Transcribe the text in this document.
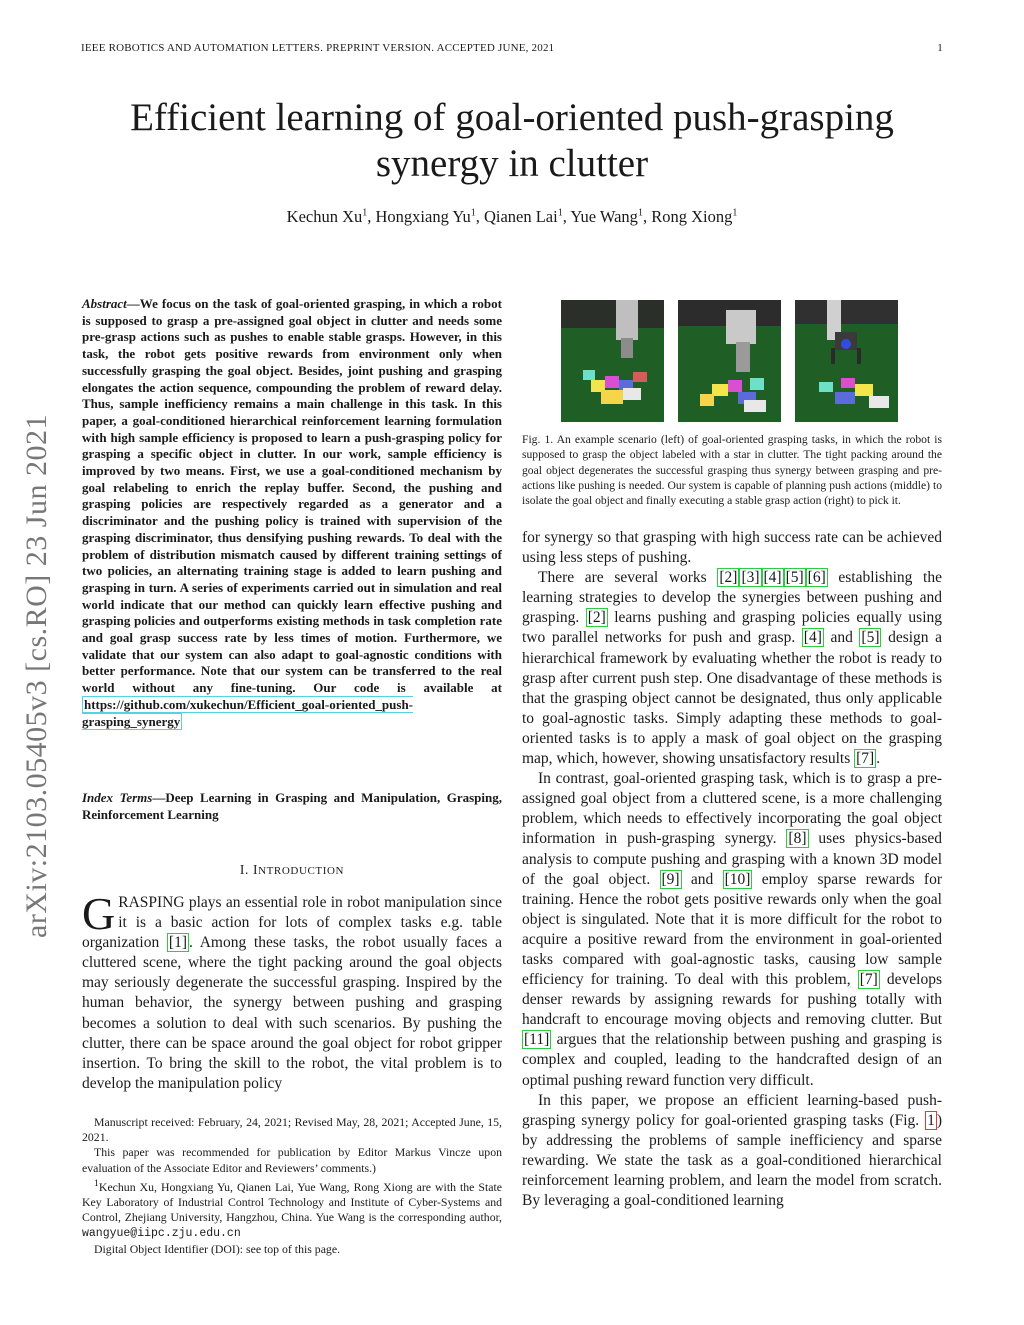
IEEE ROBOTICS AND AUTOMATION LETTERS. PREPRINT VERSION. ACCEPTED JUNE, 2021	1
Efficient learning of goal-oriented push-grasping
synergy in clutter
Kechun Xu$^1$, Hongxiang Yu$^1$, Qianen Lai$^1$, Yue Wang$^1$, Rong Xiong$^1$
arXiv:2103.05405v3 [cs.RO] 23 Jun 2021
Abstract—We focus on the task of goal-oriented grasping, in which a robot is supposed to grasp a pre-assigned goal object in clutter and needs some pre-grasp actions such as pushes to enable stable grasps. However, in this task, the robot gets positive rewards from environment only when successfully grasping the goal object. Besides, joint pushing and grasping elongates the action sequence, compounding the problem of reward delay. Thus, sample inefficiency remains a main challenge in this task. In this paper, a goal-conditioned hierarchical reinforcement learning formulation with high sample efficiency is proposed to learn a push-grasping policy for grasping a specific object in clutter. In our work, sample efficiency is improved by two means. First, we use a goal-conditioned mechanism by goal relabeling to enrich the replay buffer. Second, the pushing and grasping policies are respectively regarded as a generator and a discriminator and the pushing policy is trained with supervision of the grasping discriminator, thus densifying pushing rewards. To deal with the problem of distribution mismatch caused by different training settings of two policies, an alternating training stage is added to learn pushing and grasping in turn. A series of experiments carried out in simulation and real world indicate that our method can quickly learn effective pushing and grasping policies and outperforms existing methods in task completion rate and goal grasp success rate by less times of motion. Furthermore, we validate that our system can also adapt to goal-agnostic conditions with better performance. Note that our system can be transferred to the real world without any fine-tuning. Our code is available at https://github.com/xukechun/Efficient_goal-oriented_push-grasping_synergy
Index Terms—Deep Learning in Grasping and Manipulation, Grasping, Reinforcement Learning
I. INTRODUCTION
GRASPING plays an essential role in robot manipulation since it is a basic action for lots of complex tasks e.g. table organization [1] . Among these tasks, the robot usually faces a cluttered scene, where the tight packing around the goal objects may seriously degenerate the successful grasping. Inspired by the human behavior, the synergy between pushing and grasping becomes a solution to deal with such scenarios. By pushing the clutter, there can be space around the goal object for robot gripper insertion. To bring the skill to the robot, the vital problem is to develop the manipulation policy

Manuscript received: February, 24, 2021; Revised May, 28, 2021; Accepted June, 15, 2021.

This paper was recommended for publication by Editor Markus Vincze upon evaluation of the Associate Editor and Reviewers’ comments.)

$^1$Kechun Xu, Hongxiang Yu, Qianen Lai, Yue Wang, Rong Xiong are with the State Key Laboratory of Industrial Control Technology and Institute of Cyber-Systems and Control, Zhejiang University, Hangzhou, China. Yue Wang is the corresponding author, wangyue@iipc.zju.edu.cn

Digital Object Identifier (DOI): see top of this page.

Fig. 1. An example scenario (left) of goal-oriented grasping tasks, in which the robot is supposed to grasp the object labeled with a star in clutter. The tight packing around the goal object degenerates the successful grasping thus synergy between grasping and pre-actions like pushing is needed. Our system is capable of planning push actions (middle) to isolate the goal object and finally executing a stable grasp action (right) to pick it.

for synergy so that grasping with high success rate can be achieved using less steps of pushing.

There are several works [2] [3] [4] [5] [6] establishing the learning strategies to develop the synergies between pushing and grasping. [2] learns pushing and grasping policies equally using two parallel networks for push and grasp. [4] and [5] design a hierarchical framework by evaluating whether the robot is ready to grasp after current push step. One disadvantage of these methods is that the grasping object cannot be designated, thus only applicable to goal-agnostic tasks. Simply adapting these methods to goal-oriented tasks is to apply a mask of goal object on the grasping map, which, however, showing unsatisfactory results [7] .

In contrast, goal-oriented grasping task, which is to grasp a pre-assigned goal object from a cluttered scene, is a more challenging problem, which needs to effectively incorporating the goal object information in push-grasping synergy. [8] uses physics-based analysis to compute pushing and grasping with a known 3D model of the goal object. [9] and [10] employ sparse rewards for training. Hence the robot gets positive rewards only when the goal object is singulated. Note that it is more difficult for the robot to acquire a positive reward from the environment in goal-oriented tasks compared with goal-agnostic tasks, causing low sample efficiency for training. To deal with this problem, [7] develops denser rewards by assigning rewards for pushing totally with handcraft to encourage moving objects and removing clutter. But [11] argues that the relationship between pushing and grasping is complex and coupled, leading to the handcrafted design of an optimal pushing reward function very difficult.

In this paper, we propose an efficient learning-based push-grasping synergy policy for goal-oriented grasping tasks (Fig. 1 ) by addressing the problems of sample inefficiency and sparse rewarding. We state the task as a goal-conditioned hierarchical reinforcement learning problem, and learn the model from scratch. By leveraging a goal-conditioned learning
